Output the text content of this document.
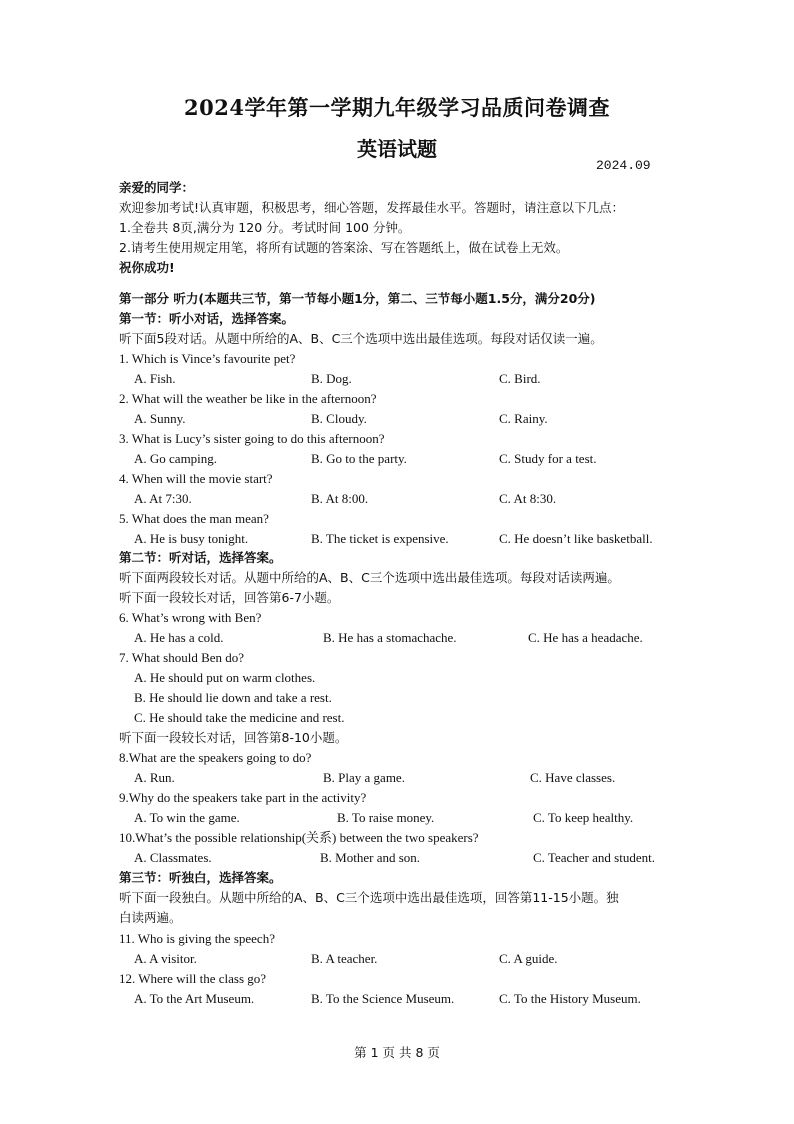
2024学年第一学期九年级学习品质问卷调查
英语试题
2024.09
亲爱的同学：
欢迎参加考试!认真审题，积极思考，细心答题，发挥最佳水平。答题时，请注意以下几点：
1.全卷共 8页,满分为 120 分。考试时间 100 分钟。
2.请考生使用规定用笔，将所有试题的答案涂、写在答题纸上，做在试卷上无效。
祝你成功!
第一部分 听力(本题共三节，第一节每小题1分，第二、三节每小题1.5分，满分20分)
第一节：听小对话，选择答案。
听下面5段对话。从题中所给的A、B、C三个选项中选出最佳选项。每段对话仅读一遍。
1. Which is Vince’s favourite pet?
A. Fish.	B. Dog.	C. Bird.
2. What will the weather be like in the afternoon?
A. Sunny.	B. Cloudy.	C. Rainy.
3. What is Lucy’s sister going to do this afternoon?
A. Go camping.	B. Go to the party.	C. Study for a test.
4. When will the movie start?
A. At 7:30.	B. At 8:00.	C. At 8:30.
5. What does the man mean?
A. He is busy tonight.	B. The ticket is expensive.	C. He doesn’t like basketball.
第二节：听对话，选择答案。
听下面两段较长对话。从题中所给的A、B、C三个选项中选出最佳选项。每段对话读两遍。
听下面一段较长对话，回答第6-7小题。
6. What’s wrong with Ben?
A. He has a cold.	B. He has a stomachache.	C. He has a headache.
7. What should Ben do?
A. He should put on warm clothes.
B. He should lie down and take a rest.
C. He should take the medicine and rest.
听下面一段较长对话，回答第8-10小题。
8.What are the speakers going to do?
A. Run.	B. Play a game.	C. Have classes.
9.Why do the speakers take part in the activity?
A. To win the game.	B. To raise money.	C. To keep healthy.
10.What’s the possible relationship(关系) between the two speakers?
A. Classmates.	B. Mother and son.	C. Teacher and student.
第三节：听独白，选择答案。
听下面一段独白。从题中所给的A、B、C三个选项中选出最佳选项，回答第11-15小题。独
白读两遍。
11. Who is giving the speech?
A. A visitor.	B. A teacher.	C. A guide.
12. Where will the class go?
A. To the Art Museum.	B. To the Science Museum.	C. To the History Museum.
第 1 页 共 8 页
